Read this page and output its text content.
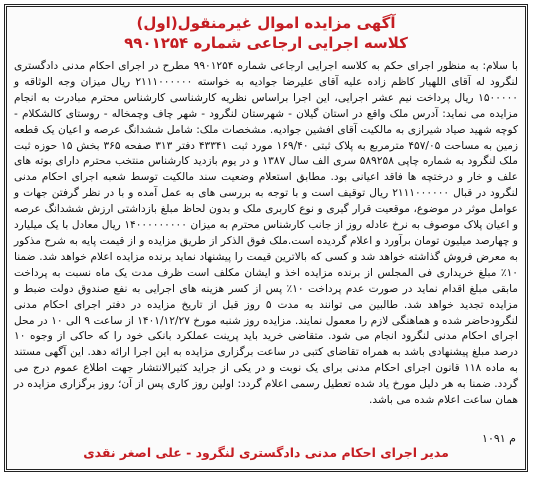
آگهی مزایده اموال غیرمنقول(اول)
کلاسه اجرایی ارجاعی شماره ۹۹۰۱۲۵۴
با سلام: به منظور اجرای حکم به کلاسه اجرایی ارجاعی شماره ۹۹۰۱۲۵۴ مطرح در اجرای احکام مدنی دادگستری لنگرود له آقای اللهیار کاظم زاده علیه آقای علیرضا جوادیه به خواسته ۲۱۱۱۰۰۰۰۰۰ ریال میزان وجه الوثاقه و ۱۵۰۰۰۰۰ ریال پرداخت نیم عشر اجرایی، این اجرا براساس نظریه کارشناسی کارشناس محترم مبادرت به انجام مزایده می نماید: آدرس ملک واقع در استان گیلان - شهرستان لنگرود - شهر چاف وچمخاله - روستای کالشکلام - کوچه شهید صیاد شیرازی به مالکیت آقای افشین جوادیه. مشخصات ملک: شامل ششدانگ عرصه و اعیان یک قطعه زمین به مساحت ۴۵۷/۰۵ مترمربع به پلاک ثبتی ۱۶۹/۴۰ مورد ثبت ۴۳۳۴۱ دفتر ۳۱۳ صفحه ۳۶۵ بخش ۱۵ حوزه ثبت ملک لنگرود به شماره چاپی ۵۸۹۲۵۸ سری الف سال ۱۳۸۷ و در یوم بازدید کارشناس منتخب محترم دارای بوته های علف و خار و درختچه ها فاقد اعیانی بود. مطابق استعلام وضعیت سند مالکیت توسط شعبه اجرای احکام مدنی لنگرود در قبال ۲۱۱۱۰۰۰۰۰۰ ریال توقیف است و با توجه به بررسی های به عمل آمده و با در نظر گرفتن جهات و عوامل موثر در موضوع، موقعیت قرار گیری و نوع کاربری ملک و بدون لحاظ مبلغ بازداشتی ارزش ششدانگ عرصه و اعیان پلاک موصوف به نرخ عادله روز از جانب کارشناس محترم به میزان ۱۴۰۰۰۰۰۰۰۰۰ ریال معادل با یک میلیارد و چهارصد میلیون تومان برآورد و اعلام گردیده است.ملک فوق الذکر از طریق مزایده و از قیمت پایه به شرح مذکور به معرض فروش گذاشته خواهد شد و کسی که بالاترین قیمت را پیشنهاد نماید برنده مزایده اعلام خواهد شد. ضمنا ۱۰٪ مبلغ خریداری فی المجلس از برنده مزایده اخذ و ایشان مکلف است ظرف مدت یک ماه نسبت به پرداخت مابقی مبلغ اقدام نماید در صورت عدم پرداخت ۱۰٪ پس از کسر هزینه های اجرایی به نفع صندوق دولت ضبط و مزایده تجدید خواهد شد. طالبین می توانند به مدت ۵ روز قبل از تاریخ مزایده در دفتر اجرای احکام مدنی لنگرودحاضر شده و هماهنگی لازم را معمول نمایند. مزایده روز شنبه مورخ ۱۴۰۱/۱۲/۲۷ از ساعت ۹ الی ۱۰ در محل اجرای احکام مدنی لنگرود انجام می شود. متقاضی خرید باید پرینت عملکرد بانکی خود را که حاکی از وجوه ۱۰ درصد مبلغ پیشنهادی باشد به همراه تقاضای کتبی در ساعت برگزاری مزایده به این اجرا ارائه دهد. این آگهی مستند به ماده ۱۱۸ قانون اجرای احکام مدنی برای یک نوبت و در یکی از جراید کثیرالانتشار جهت اطلاع عموم درج می گردد. ضمنا به هر دلیل مورخ یاد شده تعطیل رسمی اعلام گردد: اولین روز کاری پس از آن؛ روز برگزاری مزایده در همان ساعت اعلام شده می باشد.
م ۱۰۹۱
مدیر اجرای احکام مدنی دادگستری لنگرود - علی اصغر نقدی
